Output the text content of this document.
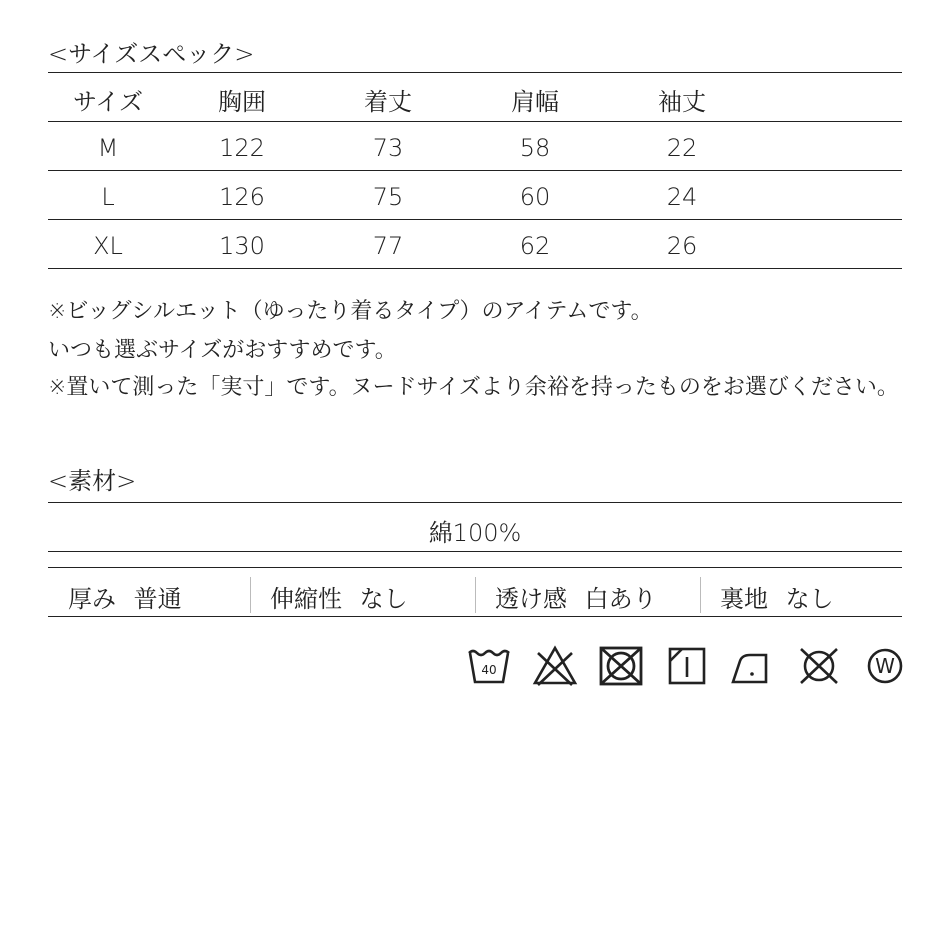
<サイズスペック>
サイズ	胸囲	着丈	肩幅	袖丈
M	122	73	58	22
L	126	75	60	24
XL	130	77	62	26
※ビッグシルエット（ゆったり着るタイプ）のアイテムです。
いつも選ぶサイズがおすすめです。
※置いて測った「実寸」です。ヌードサイズより余裕を持ったものをお選びください。
<素材>
綿100%
厚み 普通	伸縮性 なし	透け感 白あり	裏地 なし
40	W
